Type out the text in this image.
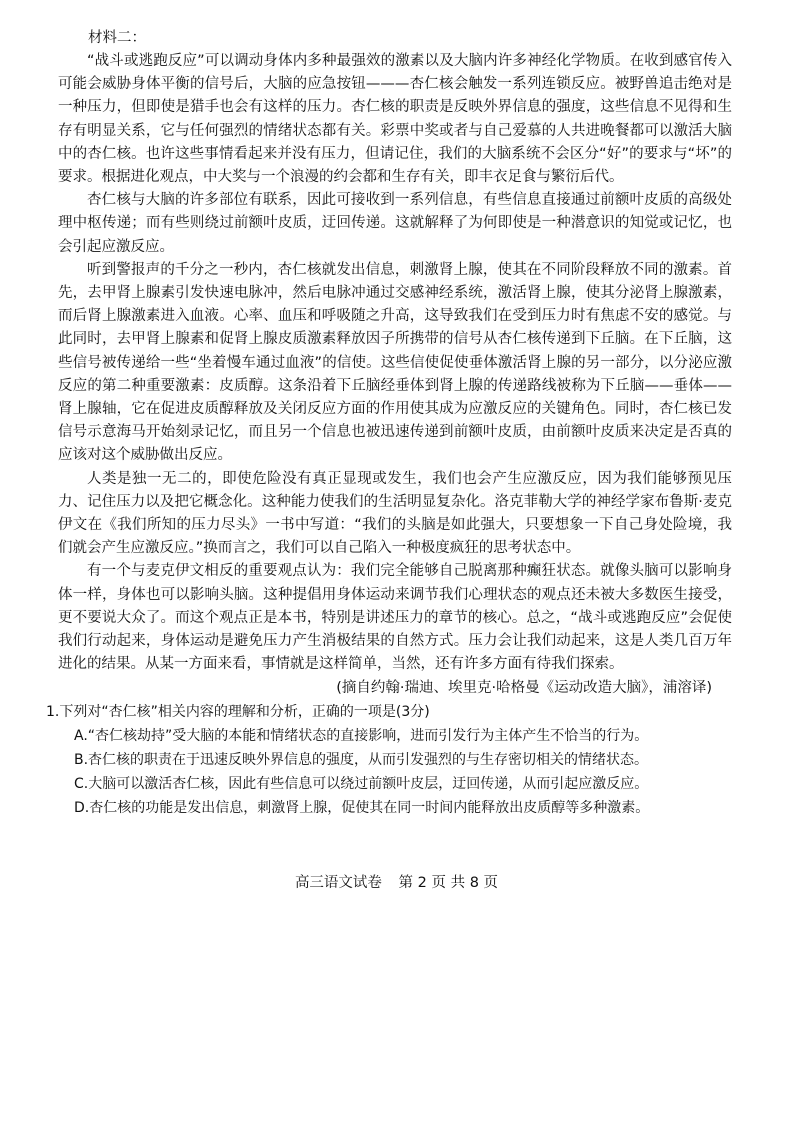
材料二：

“战斗或逃跑反应”可以调动身体内多种最强效的激素以及大脑内许多神经化学物质。在收到感官传入可能会威胁身体平衡的信号后，大脑的应急按钮———杏仁核会触发一系列连锁反应。被野兽追击绝对是一种压力，但即使是猎手也会有这样的压力。杏仁核的职责是反映外界信息的强度，这些信息不见得和生存有明显关系，它与任何强烈的情绪状态都有关。彩票中奖或者与自己爱慕的人共进晚餐都可以激活大脑中的杏仁核。也许这些事情看起来并没有压力，但请记住，我们的大脑系统不会区分“好”的要求与“坏”的要求。根据进化观点，中大奖与一个浪漫的约会都和生存有关，即丰衣足食与繁衍后代。

杏仁核与大脑的许多部位有联系，因此可接收到一系列信息，有些信息直接通过前额叶皮质的高级处理中枢传递；而有些则绕过前额叶皮质，迂回传递。这就解释了为何即使是一种潜意识的知觉或记忆，也会引起应激反应。

听到警报声的千分之一秒内，杏仁核就发出信息，刺激肾上腺，使其在不同阶段释放不同的激素。首先，去甲肾上腺素引发快速电脉冲，然后电脉冲通过交感神经系统，激活肾上腺，使其分泌肾上腺激素，而后肾上腺激素进入血液。心率、血压和呼吸随之升高，这导致我们在受到压力时有焦虑不安的感觉。与此同时，去甲肾上腺素和促肾上腺皮质激素释放因子所携带的信号从杏仁核传递到下丘脑。在下丘脑，这些信号被传递给一些“坐着慢车通过血液”的信使。这些信使促使垂体激活肾上腺的另一部分，以分泌应激反应的第二种重要激素：皮质醇。这条沿着下丘脑经垂体到肾上腺的传递路线被称为下丘脑——垂体——肾上腺轴，它在促进皮质醇释放及关闭反应方面的作用使其成为应激反应的关键角色。同时，杏仁核已发信号示意海马开始刻录记忆，而且另一个信息也被迅速传递到前额叶皮质，由前额叶皮质来决定是否真的应该对这个威胁做出反应。

人类是独一无二的，即使危险没有真正显现或发生，我们也会产生应激反应，因为我们能够预见压力、记住压力以及把它概念化。这种能力使我们的生活明显复杂化。洛克菲勒大学的神经学家布鲁斯·麦克伊文在《我们所知的压力尽头》一书中写道：“我们的头脑是如此强大，只要想象一下自己身处险境，我们就会产生应激反应。”换而言之，我们可以自己陷入一种极度疯狂的思考状态中。

有一个与麦克伊文相反的重要观点认为：我们完全能够自己脱离那种癫狂状态。就像头脑可以影响身体一样，身体也可以影响头脑。这种提倡用身体运动来调节我们心理状态的观点还未被大多数医生接受，更不要说大众了。而这个观点正是本书，特别是讲述压力的章节的核心。总之，“战斗或逃跑反应”会促使我们行动起来，身体运动是避免压力产生消极结果的自然方式。压力会让我们动起来，这是人类几百万年进化的结果。从某一方面来看，事情就是这样简单，当然，还有许多方面有待我们探索。

(摘自约翰·瑞迪、埃里克·哈格曼《运动改造大脑》，浦溶译)

1.下列对“杏仁核”相关内容的理解和分析，正确的一项是(3分)

A.“杏仁核劫持”受大脑的本能和情绪状态的直接影响，进而引发行为主体产生不恰当的行为。

B.杏仁核的职责在于迅速反映外界信息的强度，从而引发强烈的与生存密切相关的情绪状态。

C.大脑可以激活杏仁核，因此有些信息可以绕过前额叶皮层，迂回传递，从而引起应激反应。

D.杏仁核的功能是发出信息，刺激肾上腺，促使其在同一时间内能释放出皮质醇等多种激素。

高三语文试卷 第 2 页 共 8 页
